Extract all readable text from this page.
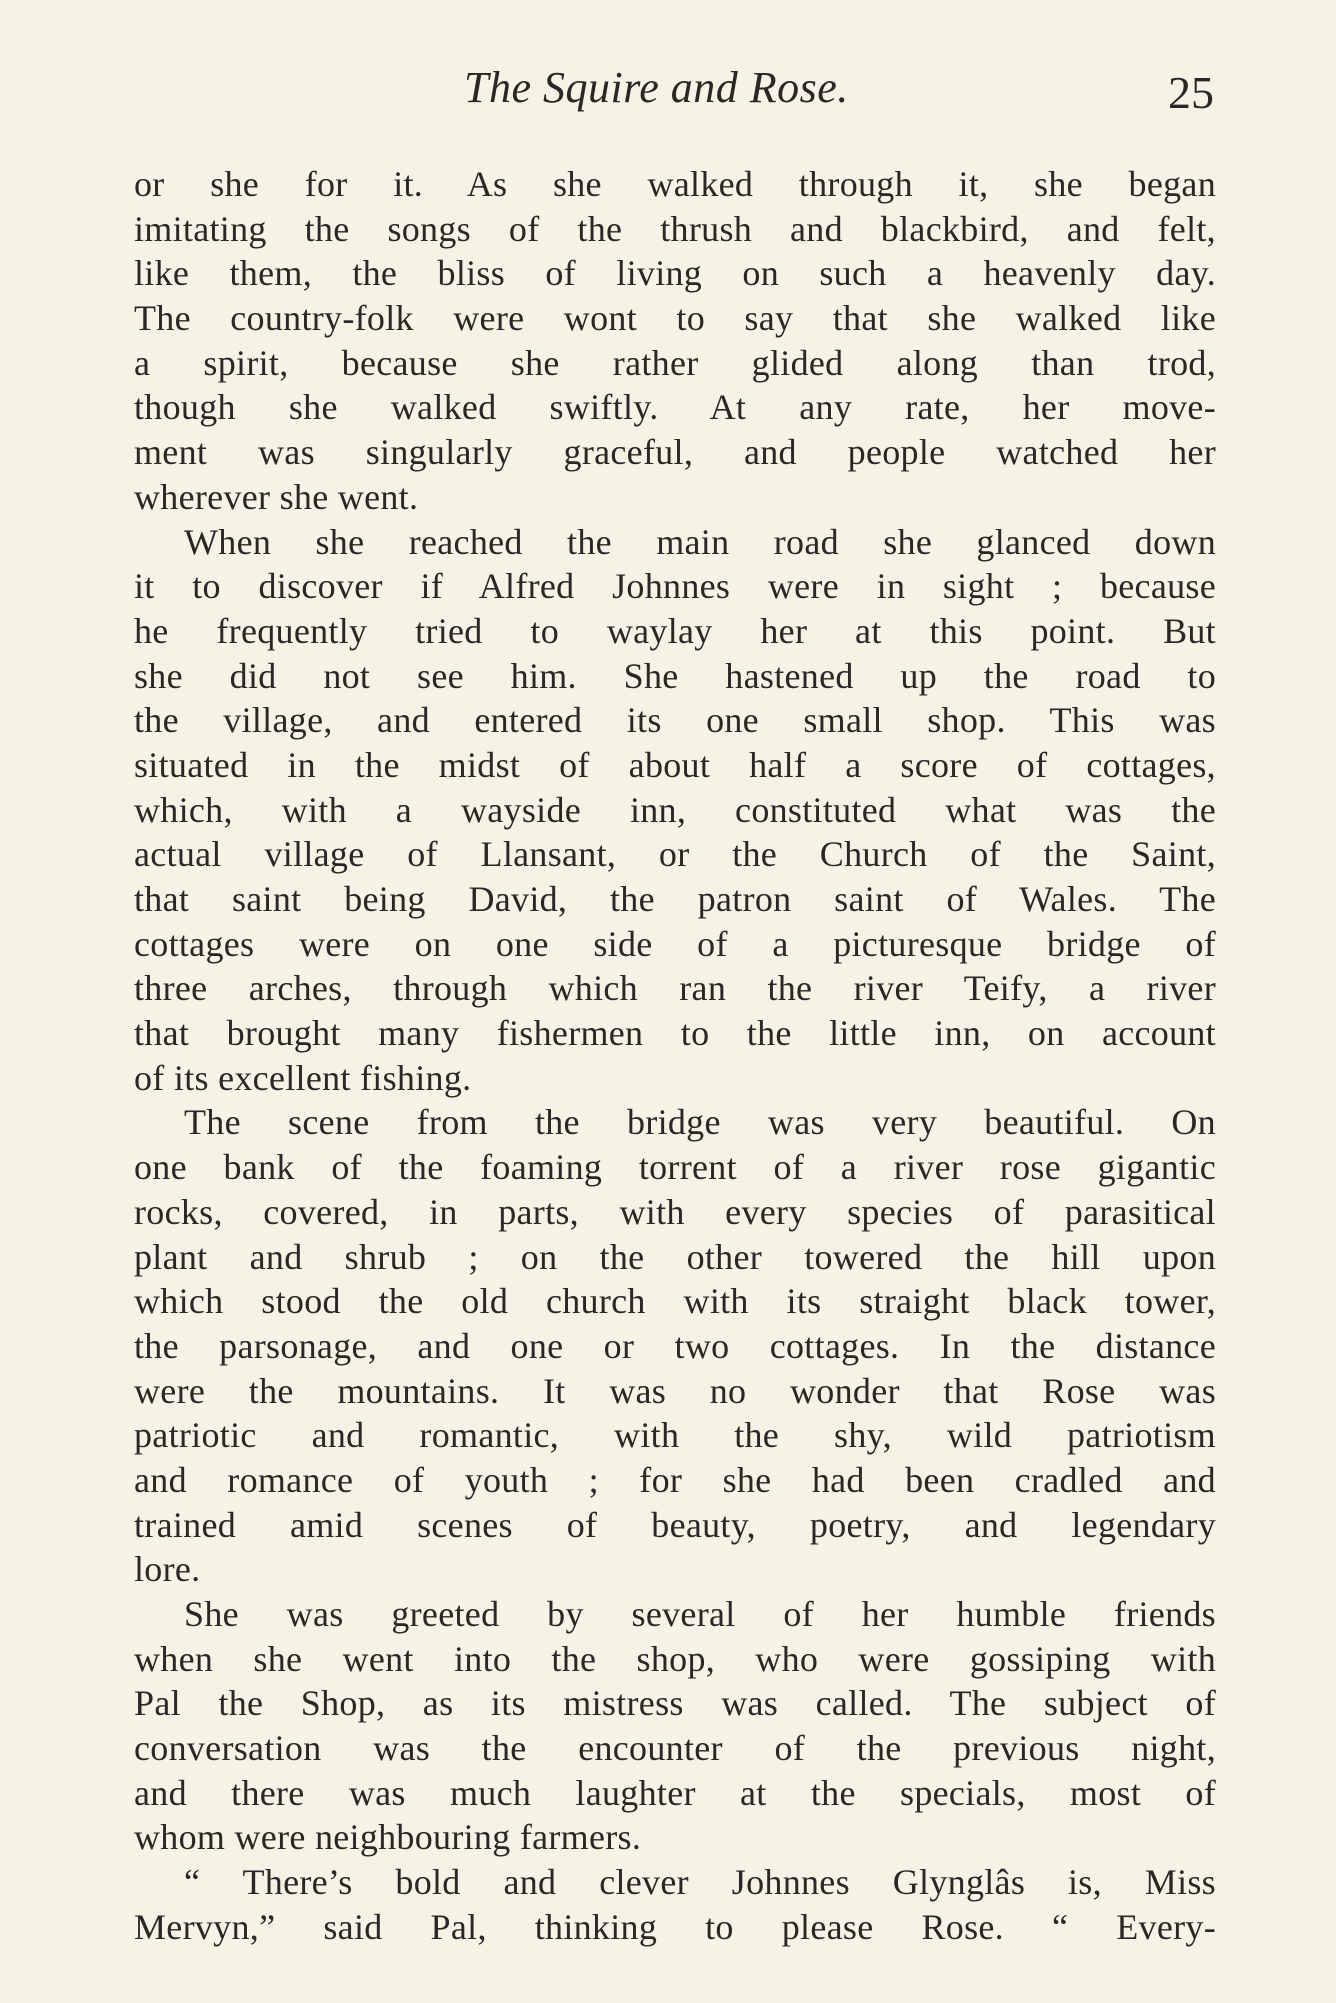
The Squire and Rose.	25
or she for it. As she walked through it, she began
imitating the songs of the thrush and blackbird, and felt,
like them, the bliss of living on such a heavenly day.
The country-folk were wont to say that she walked like
a spirit, because she rather glided along than trod,
though she walked swiftly. At any rate, her move-
ment was singularly graceful, and people watched her
wherever she went.
When she reached the main road she glanced down
it to discover if Alfred Johnnes were in sight ; because
he frequently tried to waylay her at this point. But
she did not see him. She hastened up the road to
the village, and entered its one small shop. This was
situated in the midst of about half a score of cottages,
which, with a wayside inn, constituted what was the
actual village of Llansant, or the Church of the Saint,
that saint being David, the patron saint of Wales. The
cottages were on one side of a picturesque bridge of
three arches, through which ran the river Teify, a river
that brought many fishermen to the little inn, on account
of its excellent fishing.
The scene from the bridge was very beautiful. On
one bank of the foaming torrent of a river rose gigantic
rocks, covered, in parts, with every species of parasitical
plant and shrub ; on the other towered the hill upon
which stood the old church with its straight black tower,
the parsonage, and one or two cottages. In the distance
were the mountains. It was no wonder that Rose was
patriotic and romantic, with the shy, wild patriotism
and romance of youth ; for she had been cradled and
trained amid scenes of beauty, poetry, and legendary
lore.
She was greeted by several of her humble friends
when she went into the shop, who were gossiping with
Pal the Shop, as its mistress was called. The subject of
conversation was the encounter of the previous night,
and there was much laughter at the specials, most of
whom were neighbouring farmers.
“ There’s bold and clever Johnnes Glynglâs is, Miss
Mervyn,” said Pal, thinking to please Rose. “ Every-
